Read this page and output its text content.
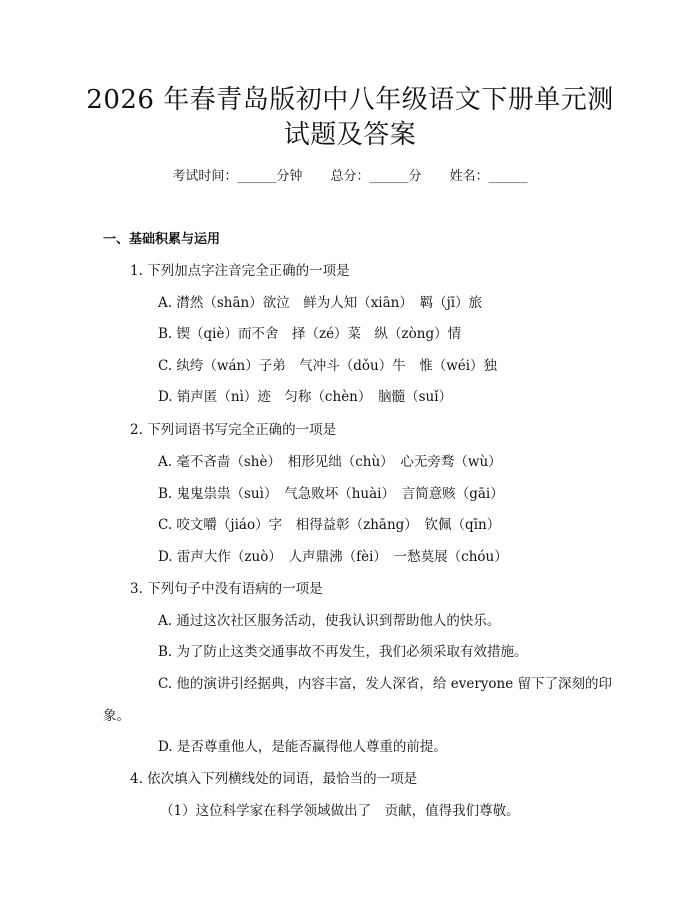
2026 年春青岛版初中八年级语文下册单元测
试题及答案
考试时间：______分钟 总分：______分 姓名：______
一、基础积累与运用
1. 下列加点字注音完全正确的一项是
A. 潸然（shān）欲泣　鲜为人知（xiān）　羁（jī）旅
B. 锲（qiè）而不舍　择（zé）菜　纵（zòng）情
C. 纨绔（wán）子弟　气冲斗（dǒu）牛　惟（wéi）独
D. 销声匿（nì）迹　匀称（chèn）　脑髓（suǐ）
2. 下列词语书写完全正确的一项是
A. 毫不吝啬（shè）　相形见绌（chù）　心无旁骛（wù）
B. 鬼鬼祟祟（suì）　气急败坏（huài）　言简意赅（gāi）
C. 咬文嚼（jiáo）字　相得益彰（zhāng）　钦佩（qīn）
D. 雷声大作（zuò）　人声鼎沸（fèi）　一愁莫展（chóu）
3. 下列句子中没有语病的一项是
A. 通过这次社区服务活动，使我认识到帮助他人的快乐。
B. 为了防止这类交通事故不再发生，我们必须采取有效措施。
C. 他的演讲引经据典，内容丰富，发人深省，给 everyone 留下了深刻的印象。
D. 是否尊重他人，是能否赢得他人尊重的前提。
4. 依次填入下列横线处的词语，最恰当的一项是
（1）这位科学家在科学领域做出了　贡献，值得我们尊敬。
